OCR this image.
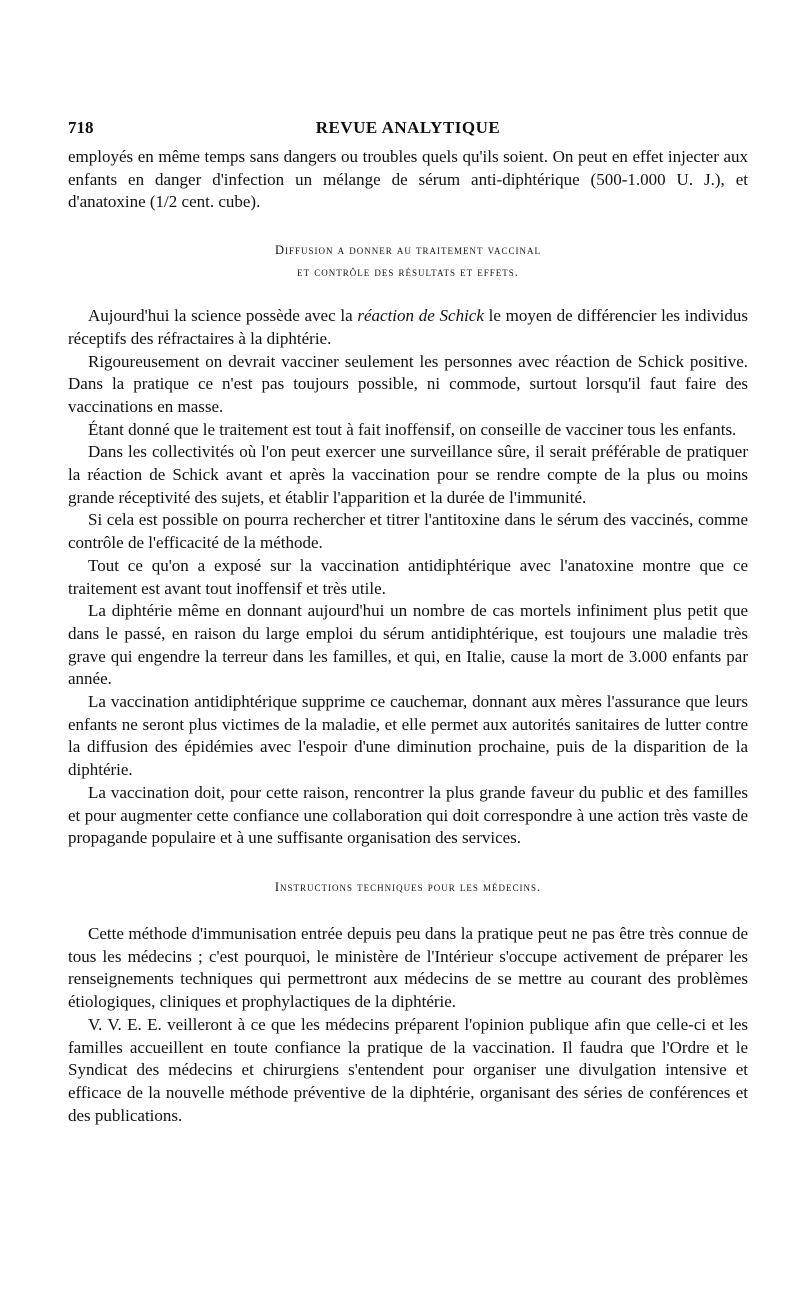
718	REVUE ANALYTIQUE

employés en même temps sans dangers ou troubles quels qu'ils soient. On peut en effet injecter aux enfants en danger d'infection un mélange de sérum anti-diphtérique (500-1.000 U. J.), et d'anatoxine (1/2 cent. cube).

Diffusion a donner au traitement vaccinal
et contrôle des résultats et effets.

Aujourd'hui la science possède avec la réaction de Schick le moyen de différencier les individus réceptifs des réfractaires à la diphtérie.

Rigoureusement on devrait vacciner seulement les personnes avec réaction de Schick positive. Dans la pratique ce n'est pas toujours possible, ni commode, surtout lorsqu'il faut faire des vaccinations en masse.

Étant donné que le traitement est tout à fait inoffensif, on conseille de vacciner tous les enfants.

Dans les collectivités où l'on peut exercer une surveillance sûre, il serait préférable de pratiquer la réaction de Schick avant et après la vaccination pour se rendre compte de la plus ou moins grande réceptivité des sujets, et établir l'apparition et la durée de l'immunité.

Si cela est possible on pourra rechercher et titrer l'antitoxine dans le sérum des vaccinés, comme contrôle de l'efficacité de la méthode.

Tout ce qu'on a exposé sur la vaccination antidiphtérique avec l'anatoxine montre que ce traitement est avant tout inoffensif et très utile.

La diphtérie même en donnant aujourd'hui un nombre de cas mortels infiniment plus petit que dans le passé, en raison du large emploi du sérum antidiphtérique, est toujours une maladie très grave qui engendre la terreur dans les familles, et qui, en Italie, cause la mort de 3.000 enfants par année.

La vaccination antidiphtérique supprime ce cauchemar, donnant aux mères l'assurance que leurs enfants ne seront plus victimes de la maladie, et elle permet aux autorités sanitaires de lutter contre la diffusion des épidémies avec l'espoir d'une diminution prochaine, puis de la disparition de la diphtérie.

La vaccination doit, pour cette raison, rencontrer la plus grande faveur du public et des familles et pour augmenter cette confiance une collaboration qui doit correspondre à une action très vaste de propagande populaire et à une suffisante organisation des services.

Instructions techniques pour les médecins.

Cette méthode d'immunisation entrée depuis peu dans la pratique peut ne pas être très connue de tous les médecins ; c'est pourquoi, le ministère de l'Intérieur s'occupe activement de préparer les renseignements techniques qui permettront aux médecins de se mettre au courant des problèmes étiologiques, cliniques et prophylactiques de la diphtérie.

V. V. E. E. veilleront à ce que les médecins préparent l'opinion publique afin que celle-ci et les familles accueillent en toute confiance la pratique de la vaccination. Il faudra que l'Ordre et le Syndicat des médecins et chirurgiens s'entendent pour organiser une divulgation intensive et efficace de la nouvelle méthode préventive de la diphtérie, organisant des séries de conférences et des publications.
